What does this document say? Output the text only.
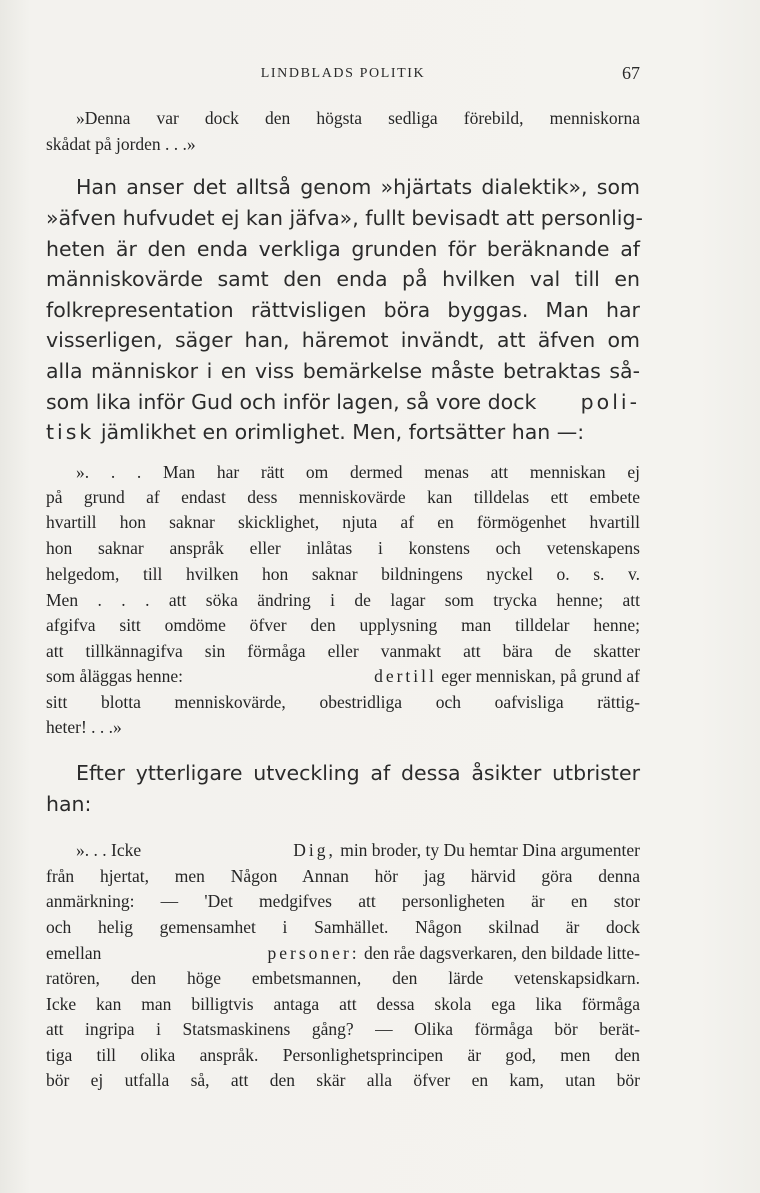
LINDBLADS POLITIK	67
»Denna var dock den högsta sedliga förebild, menniskorna
skådat på jorden . . .»
Han anser det alltså genom »hjärtats dialektik», som
»äfven hufvudet ej kan jäfva», fullt bevisadt att personlig-
heten är den enda verkliga grunden för beräknande af
människovärde samt den enda på hvilken val till en
folkrepresentation rättvisligen böra byggas. Man har
visserligen, säger han, häremot invändt, att äfven om
alla människor i en viss bemärkelse måste betraktas så-
som lika inför Gud och inför lagen, så vore dock poli-
tisk jämlikhet en orimlighet. Men, fortsätter han —:
». . . Man har rätt om dermed menas att menniskan ej
på grund af endast dess menniskovärde kan tilldelas ett embete
hvartill hon saknar skicklighet, njuta af en förmögenhet hvartill
hon saknar anspråk eller inlåtas i konstens och vetenskapens
helgedom, till hvilken hon saknar bildningens nyckel o. s. v.
Men . . . att söka ändring i de lagar som trycka henne; att
afgifva sitt omdöme öfver den upplysning man tilldelar henne;
att tillkännagifva sin förmåga eller vanmakt att bära de skatter
som åläggas henne:	dertill eger menniskan, på grund af
sitt blotta menniskovärde, obestridliga och oafvisliga rättig-
heter! . . .»
Efter ytterligare utveckling af dessa åsikter utbrister
han:
». . . Icke	Dig, min broder, ty Du hemtar Dina argumenter
från hjertat, men Någon Annan hör jag härvid göra denna
anmärkning: — 'Det medgifves att personligheten är en stor
och helig gemensamhet i Samhället. Någon skilnad är dock
emellan	personer: den råe dagsverkaren, den bildade litte-
ratören, den höge embetsmannen, den lärde vetenskapsidkarn.
Icke kan man billigtvis antaga att dessa skola ega lika förmåga
att ingripa i Statsmaskinens gång? — Olika förmåga bör berät-
tiga till olika anspråk. Personlighetsprincipen är god, men den
bör ej utfalla så, att den skär alla öfver en kam, utan bör
